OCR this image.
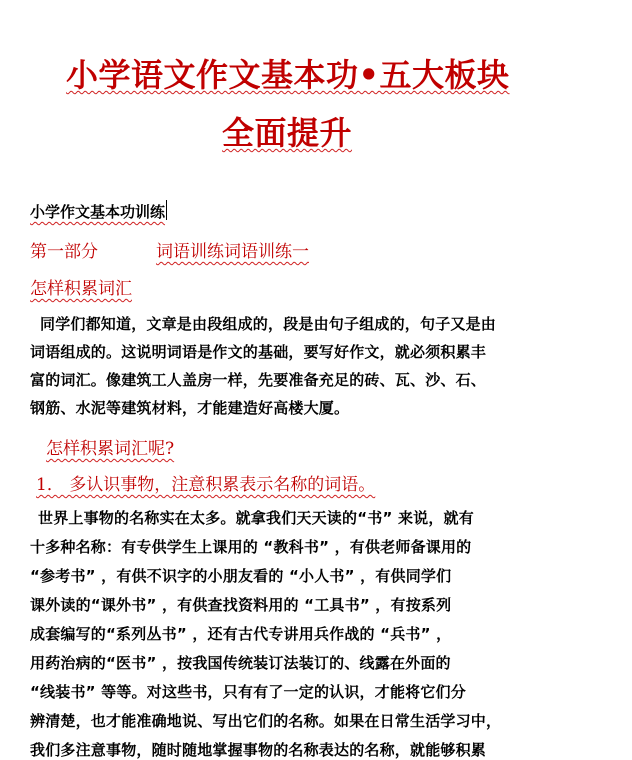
小学语文作文基本功•五大板块
全面提升
小学作文基本功训练
第一部分	词语训练词语训练一
怎样积累词汇
同学们都知道，文章是由段组成的，段是由句子组成的，句子又是由
词语组成的。这说明词语是作文的基础，要写好作文，就必须积累丰
富的词汇。像建筑工人盖房一样，先要准备充足的砖、瓦、沙、石、
钢筋、水泥等建筑材料，才能建造好高楼大厦。
怎样积累词汇呢?
1． 多认识事物，注意积累表示名称的词语。
世界上事物的名称实在太多。就拿我们天天读的“书” 来说，就有
十多种名称：有专供学生上课用的 “教科书” ，有供老师备课用的
“参考书” ，有供不识字的小朋友看的 “小人书” ，有供同学们
课外读的“课外书” ，有供查找资料用的 “工具书” ，有按系列
成套编写的“系列丛书” ，还有古代专讲用兵作战的 “兵书” ，
用药治病的“医书” ，按我国传统装订法装订的、线露在外面的
“线装书” 等等。对这些书，只有有了一定的认识，才能将它们分
辨清楚，也才能准确地说、写出它们的名称。如果在日常生活学习中，
我们多注意事物，随时随地掌握事物的名称表达的名称，就能够积累
